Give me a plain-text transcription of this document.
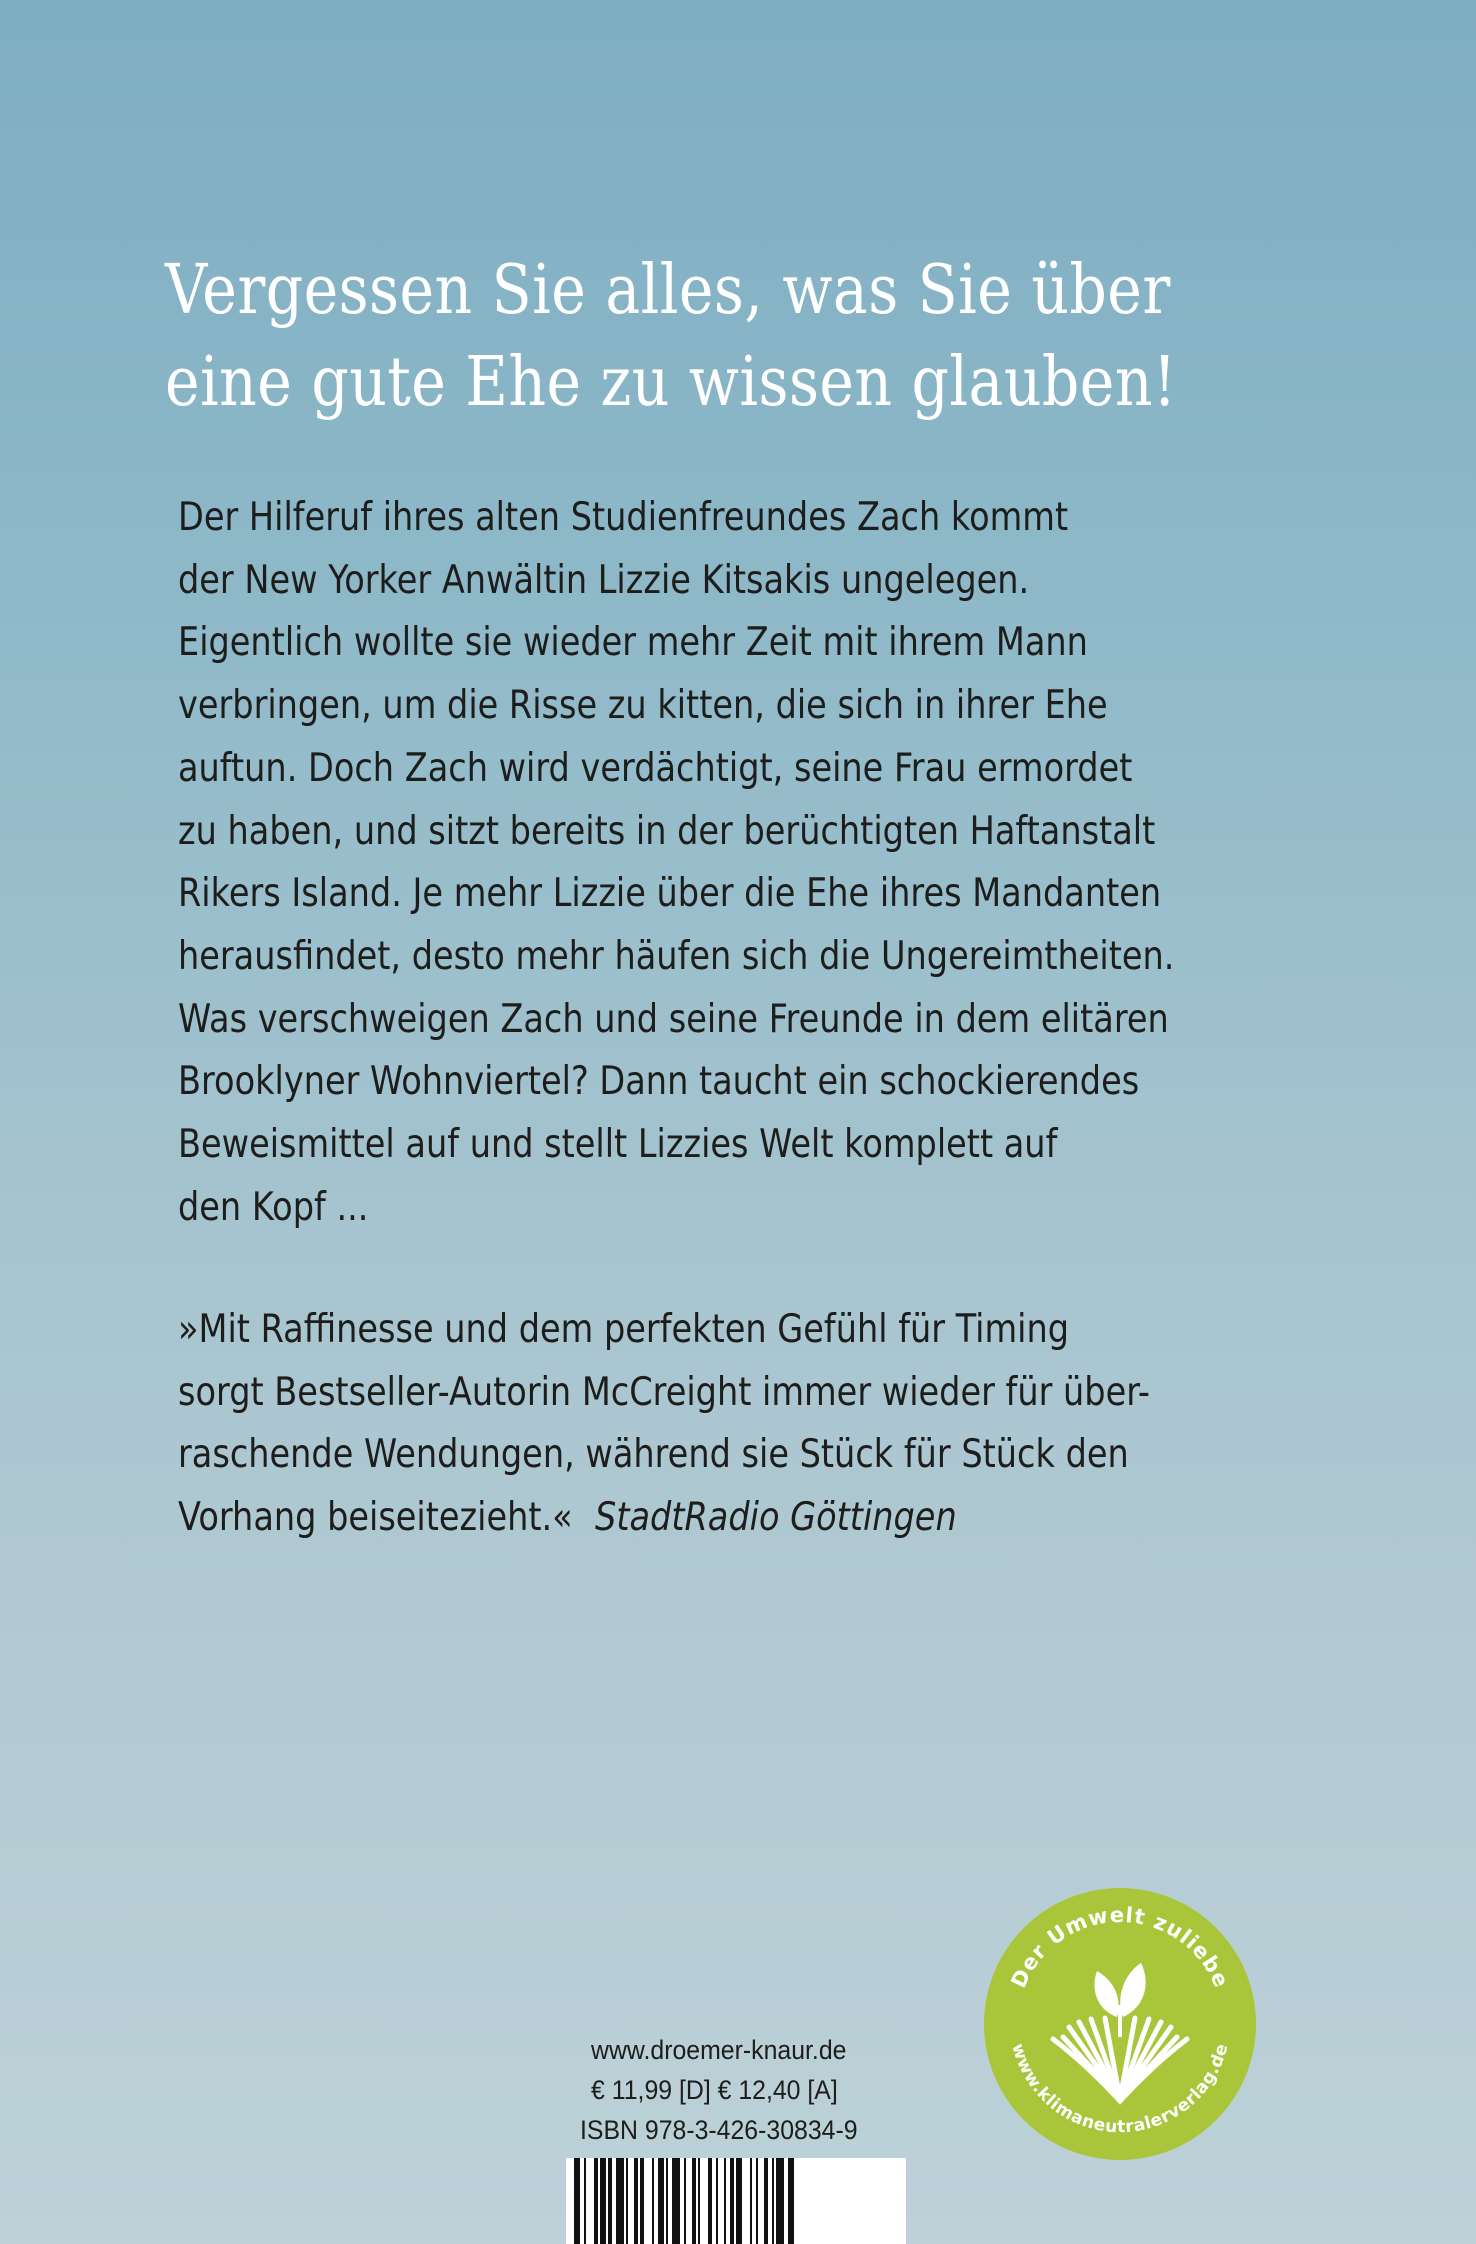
Vergessen Sie alles, was Sie über
eine gute Ehe zu wissen glauben!
Der Hilferuf ihres alten Studienfreundes Zach kommt
der New Yorker Anwältin Lizzie Kitsakis ungelegen.
Eigentlich wollte sie wieder mehr Zeit mit ihrem Mann
verbringen, um die Risse zu kitten, die sich in ihrer Ehe
auftun. Doch Zach wird verdächtigt, seine Frau ermordet
zu haben, und sitzt bereits in der berüchtigten Haftanstalt
Rikers Island. Je mehr Lizzie über die Ehe ihres Mandanten
herausfindet, desto mehr häufen sich die Ungereimtheiten.
Was verschweigen Zach und seine Freunde in dem elitären
Brooklyner Wohnviertel? Dann taucht ein schockierendes
Beweismittel auf und stellt Lizzies Welt komplett auf
den Kopf ...
»Mit Raffinesse und dem perfekten Gefühl für Timing
sorgt Bestseller-Autorin McCreight immer wieder für über-
raschende Wendungen, während sie Stück für Stück den
Vorhang beiseitezieht.« StadtRadio Göttingen
www.droemer-knaur.de
€ 11,99 [D] € 12,40 [A]
ISBN 978-3-426-30834-9
Der Umwelt zuliebe
www.klimaneutralerverlag.de
